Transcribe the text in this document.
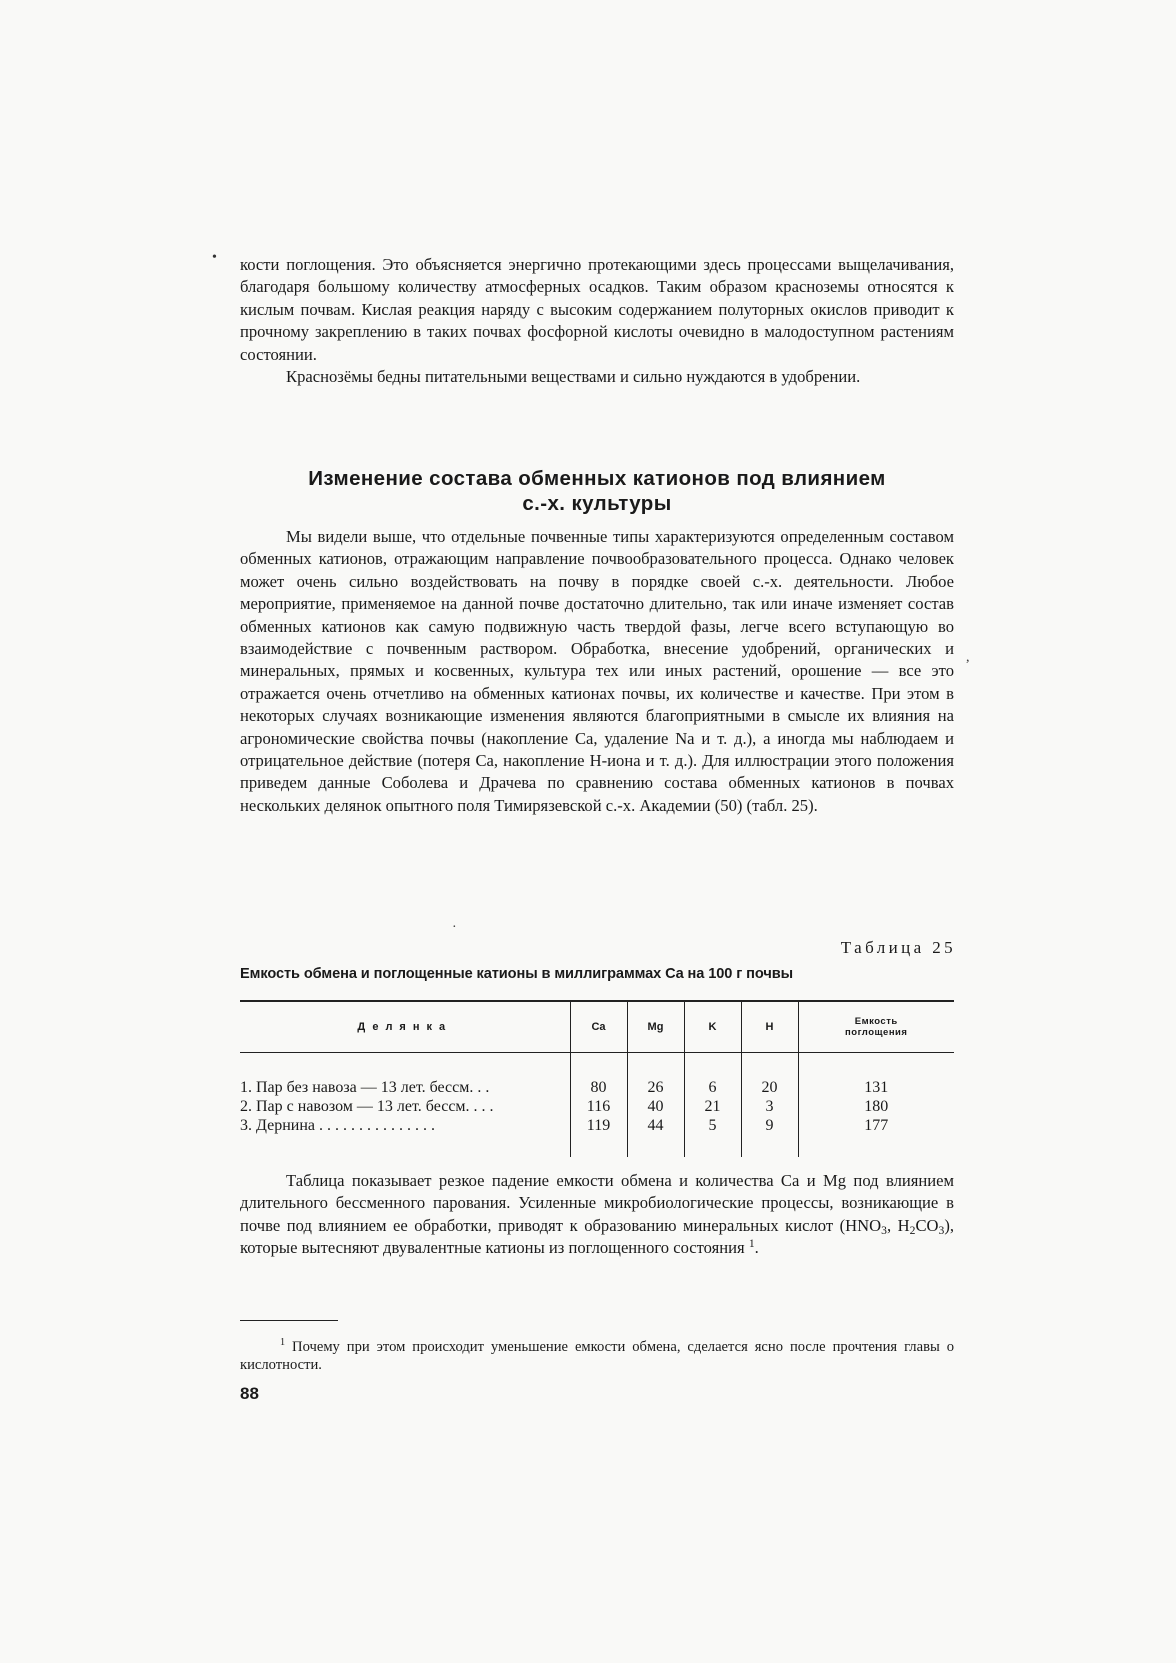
• кости поглощения. Это объясняется энергично протекающими здесь процессами выщелачивания, благодаря большому количеству атмосферных осадков. Таким образом красноземы относятся к кислым почвам. Кислая реакция наряду с высоким содержанием полуторных окислов приводит к прочному закреплению в таких почвах фосфорной кислоты очевидно в малодоступном растениям состоянии.

Краснозёмы бедны питательными веществами и сильно нуждаются в удобрении.

Изменение состава обменных катионов под влиянием
с.-х. культуры

Мы видели выше, что отдельные почвенные типы характеризуются определенным составом обменных катионов, отражающим направление почвообразовательного процесса. Однако человек может очень сильно воздействовать на почву в порядке своей с.-х. деятельности. Любое мероприятие, применяемое на данной почве достаточно длительно, так или иначе изменяет состав обменных катионов как самую подвижную часть твердой фазы, легче всего вступающую во взаимодействие с почвенным раствором. Обработка, внесение удобрений, органических и минеральных, прямых и косвенных, культура тех или иных растений, орошение — все это отражается очень отчетливо на обменных катионах почвы, их количестве и качестве. При этом в некоторых случаях возникающие изменения являются благоприятными в смысле их влияния на агрономические свойства почвы (накопление Ca, удаление Na и т. д.), а иногда мы наблюдаем и отрицательное действие (потеря Ca, накопление H-иона и т. д.). Для иллюстрации этого положения приведем данные Соболева и Драчева по сравнению состава обменных катионов в почвах нескольких делянок опытного поля Тимирязевской с.-х. Академии (50) (табл. 25).

,
·
Таблица 25
Емкость обмена и поглощенные катионы в миллиграммах Ca на 100 г почвы
Делянка	Ca	Mg	K	H	Емкость
поглощения

1. Пар без навоза — 13 лет. бессм. . .	80	26	6	20	131
2. Пар с навозом — 13 лет. бессм. . . .	116	40	21	3	180
3. Дернина . . . . . . . . . . . . . . .	119	44	5	9	177

Таблица показывает резкое падение емкости обмена и количества Ca и Mg под влиянием длительного бессменного парования. Усиленные микробиологические процессы, возникающие в почве под влиянием ее обработки, приводят к образованию минеральных кислот ($HNO_3$, $H_2CO_3$), которые вытесняют двувалентные катионы из поглощенного состояния $^1$.

$^1$ Почему при этом происходит уменьшение емкости обмена, сделается ясно после прочтения главы о кислотности.
88
